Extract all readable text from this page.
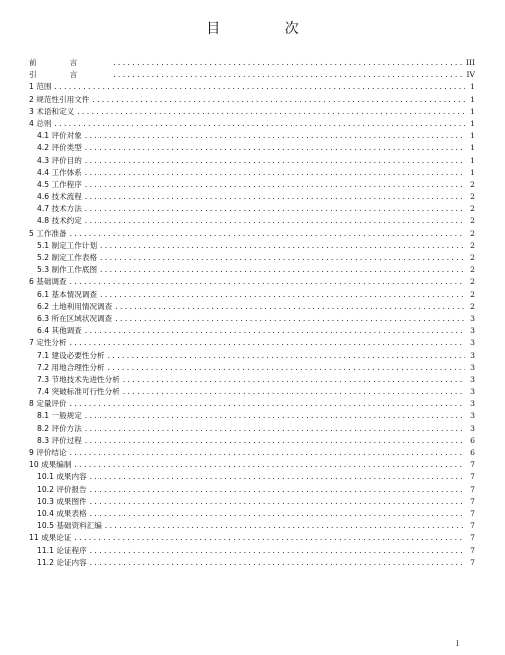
目 次
前言 .....	III
引言 .....	IV
1 范围 .....	1
2 规范性引用文件 .....	1
3 术语和定义 .....	1
4 总则 .....	1
4.1 评价对象 .....	1
4.2 评价类型 .....	1
4.3 评价目的 .....	1
4.4 工作体系 .....	1
4.5 工作程序 .....	2
4.6 技术流程 .....	2
4.7 技术方法 .....	2
4.8 技术约定 .....	2
5 工作准备 .....	2
5.1 制定工作计划 .....	2
5.2 制定工作表格 .....	2
5.3 制作工作底图 .....	2
6 基础调查 .....	2
6.1 基本情况调查 .....	2
6.2 土地利用情况调查 .....	2
6.3 所在区域状况调查 .....	3
6.4 其他调查 .....	3
7 定性分析 .....	3
7.1 建设必要性分析 .....	3
7.2 用地合理性分析 .....	3
7.3 节地技术先进性分析 .....	3
7.4 突破标准可行性分析 .....	3
8 定量评价 .....	3
8.1 一般规定 .....	3
8.2 评价方法 .....	3
8.3 评价过程 .....	6
9 评价结论 .....	6
10 成果编制 .....	7
10.1 成果内容 .....	7
10.2 评价报告 .....	7
10.3 成果图件 .....	7
10.4 成果表格 .....	7
10.5 基础资料汇编 .....	7
11 成果论证 .....	7
11.1 论证程序 .....	7
11.2 论证内容 .....	7
I
